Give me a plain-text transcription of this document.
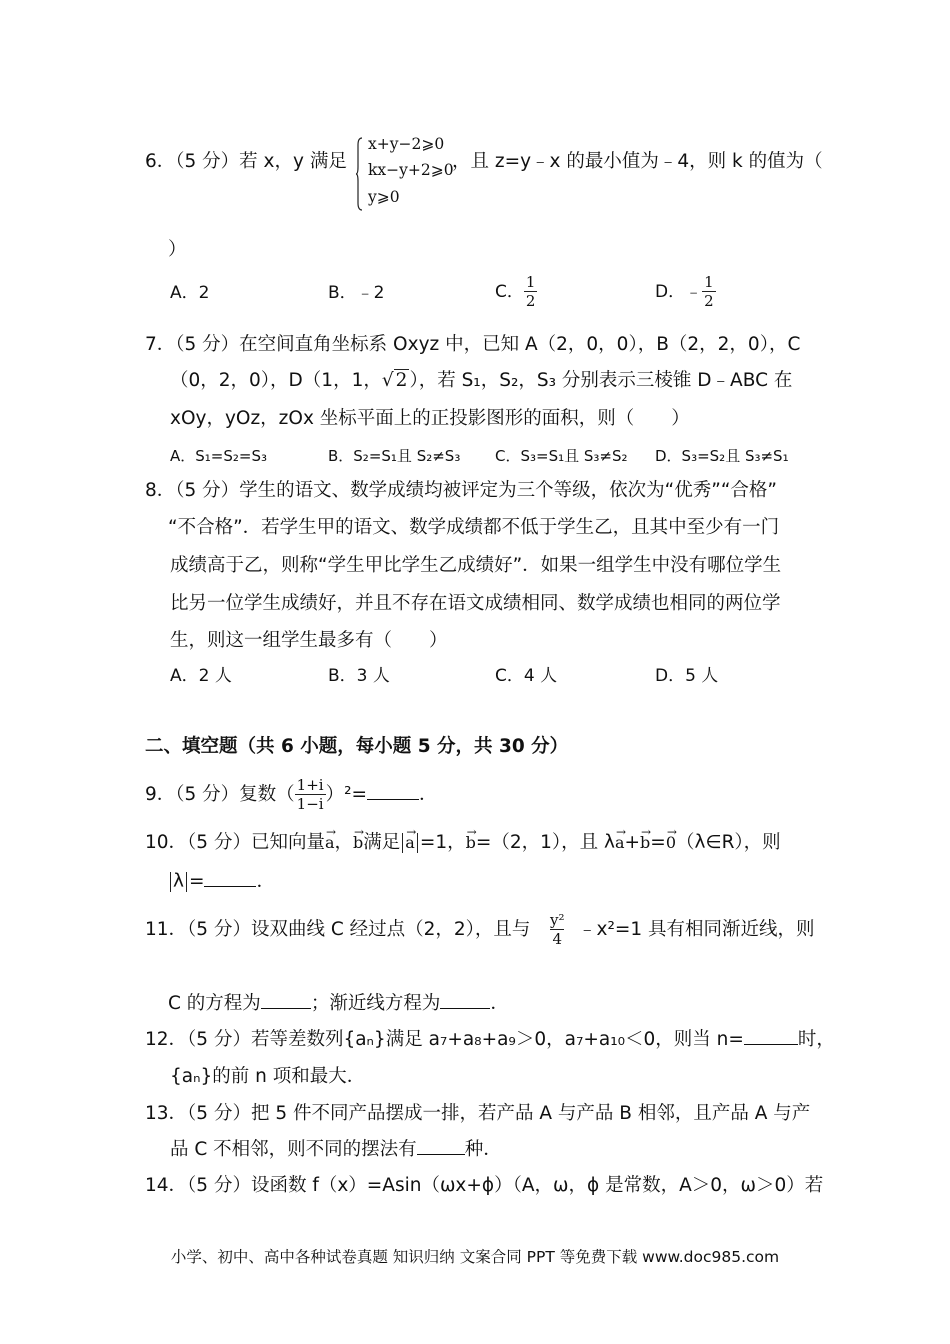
6．（5 分）若 x，y 满足
x+y−2⩾0
kx−y+2⩾0
y⩾0
，且 z=y﹣x 的最小值为﹣4，则 k 的值为（
）
A．2	B．﹣2	C． $\frac{1}{2}$	D．﹣ $\frac{1}{2}$
7．（5 分）在空间直角坐标系 Oxyz 中，已知 A（2，0，0），B（2，2，0），C
（0，2，0），D（1，1，√ 2 ），若 S₁，S₂，S₃ 分别表示三棱锥 D﹣ABC 在
xOy，yOz，zOx 坐标平面上的正投影图形的面积，则（　　）
A．S₁=S₂=S₃	B．S₂=S₁且 S₂≠S₃ C．S₃=S₁且 S₃≠S₂ D．S₃=S₂且 S₃≠S₁
8．（5 分）学生的语文、数学成绩均被评定为三个等级，依次为“优秀”“合格”
“不合格”．若学生甲的语文、数学成绩都不低于学生乙，且其中至少有一门
成绩高于乙，则称“学生甲比学生乙成绩好”．如果一组学生中没有哪位学生
比另一位学生成绩好，并且不存在语文成绩相同、数学成绩也相同的两位学
生，则这一组学生最多有（　　）
A．2 人	B．3 人	C．4 人	D．5 人
二、填空题（共 6 小题，每小题 5 分，共 30 分）
9．（5 分）复数（ $\frac{1+i}{1-i} )^2=$	．
10．（5 分）已知向量→ a，→ b满足 → a =1，→ b=（2，1），且 λ→ a+→ b=→ 0（λ∈R），则
λ =	．
11．（5 分）设双曲线 C 经过点（2，2），且与 $\frac{\text{y²}}{4}$ ﹣x²=1 具有相同渐近线，则
C 的方程为	；渐近线方程为	．
12．（5 分）若等差数列{aₙ}满足 a₇+a₈+a₉＞0，a₇+a₁₀＜0，则当 n=	时，
{aₙ}的前 n 项和最大．
13．（5 分）把 5 件不同产品摆成一排，若产品 A 与产品 B 相邻，且产品 A 与产
品 C 不相邻，则不同的摆法有	种．
14．（5 分）设函数 f（x）=Asin（ωx+ϕ）（A，ω，ϕ 是常数，A＞0，ω＞0）若
小学、初中、高中各种试卷真题 知识归纳 文案合同 PPT 等免费下载 www.doc985.com
